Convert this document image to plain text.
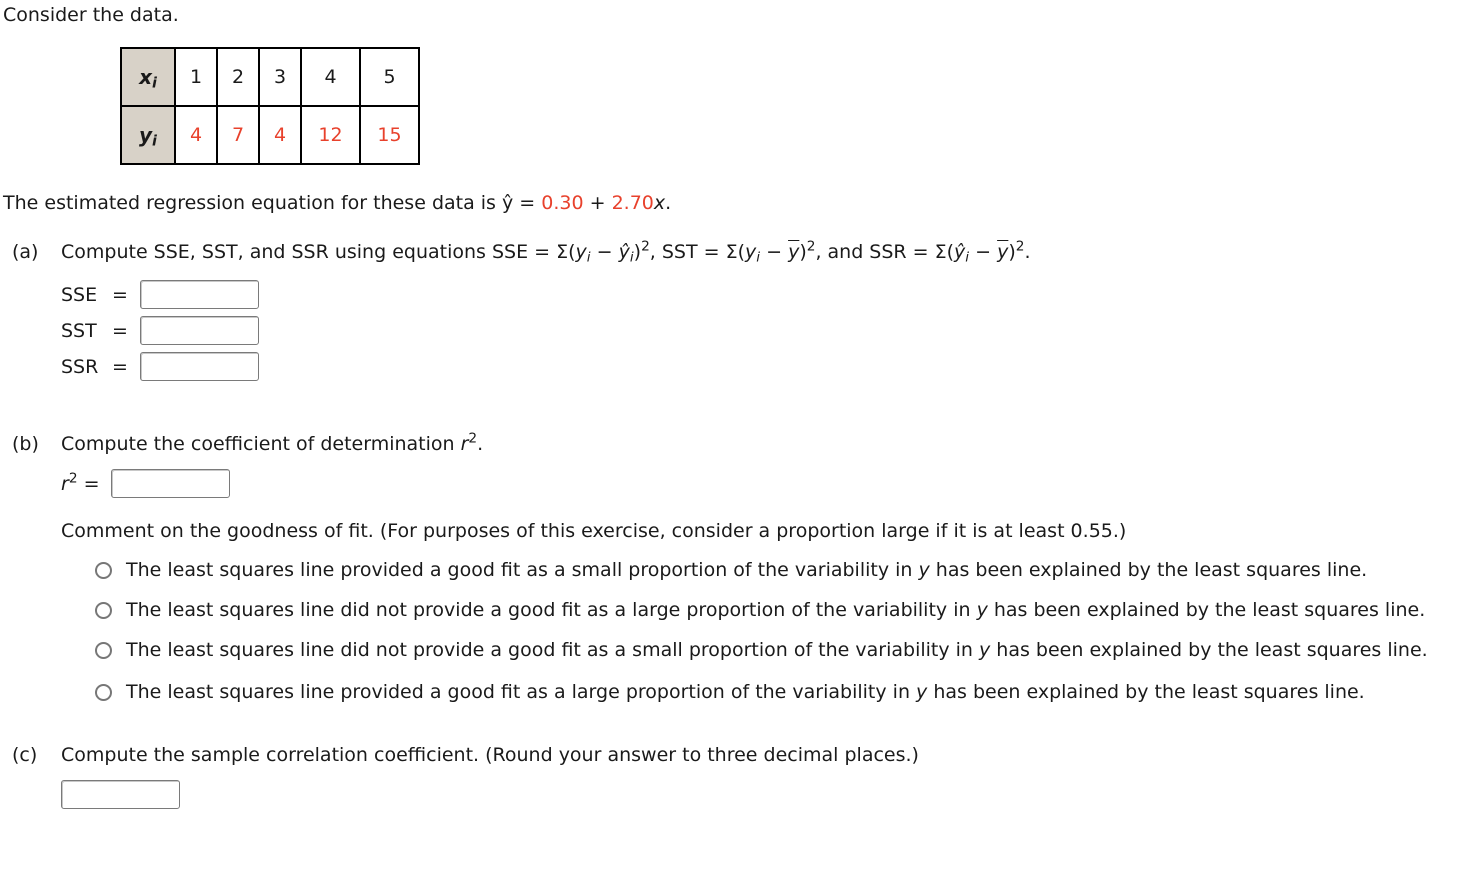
Consider the data.
$x_i$	1	2	3	4	5
$y_i$	4	7	4	12	15
The estimated regression equation for these data is ŷ = 0.30 + 2.70x.
(a) Compute SSE, SST, and SSR using equations SSE = $\Sigma(y_i$ − $ŷ_i)^2$, SST = $\Sigma(y_i - \overline{y})^2$, and SSR = $\Sigma(ŷ_i - \overline{y})^2$.
SSE =
SST =
SSR =
(b) Compute the coefficient of determination $r^2$.
$r^2$ =
Comment on the goodness of fit. (For purposes of this exercise, consider a proportion large if it is at least 0.55.)
The least squares line provided a good fit as a small proportion of the variability in y has been explained by the least squares line.
The least squares line did not provide a good fit as a large proportion of the variability in y has been explained by the least squares line.
The least squares line did not provide a good fit as a small proportion of the variability in y has been explained by the least squares line.
The least squares line provided a good fit as a large proportion of the variability in y has been explained by the least squares line.
(c) Compute the sample correlation coefficient. (Round your answer to three decimal places.)
